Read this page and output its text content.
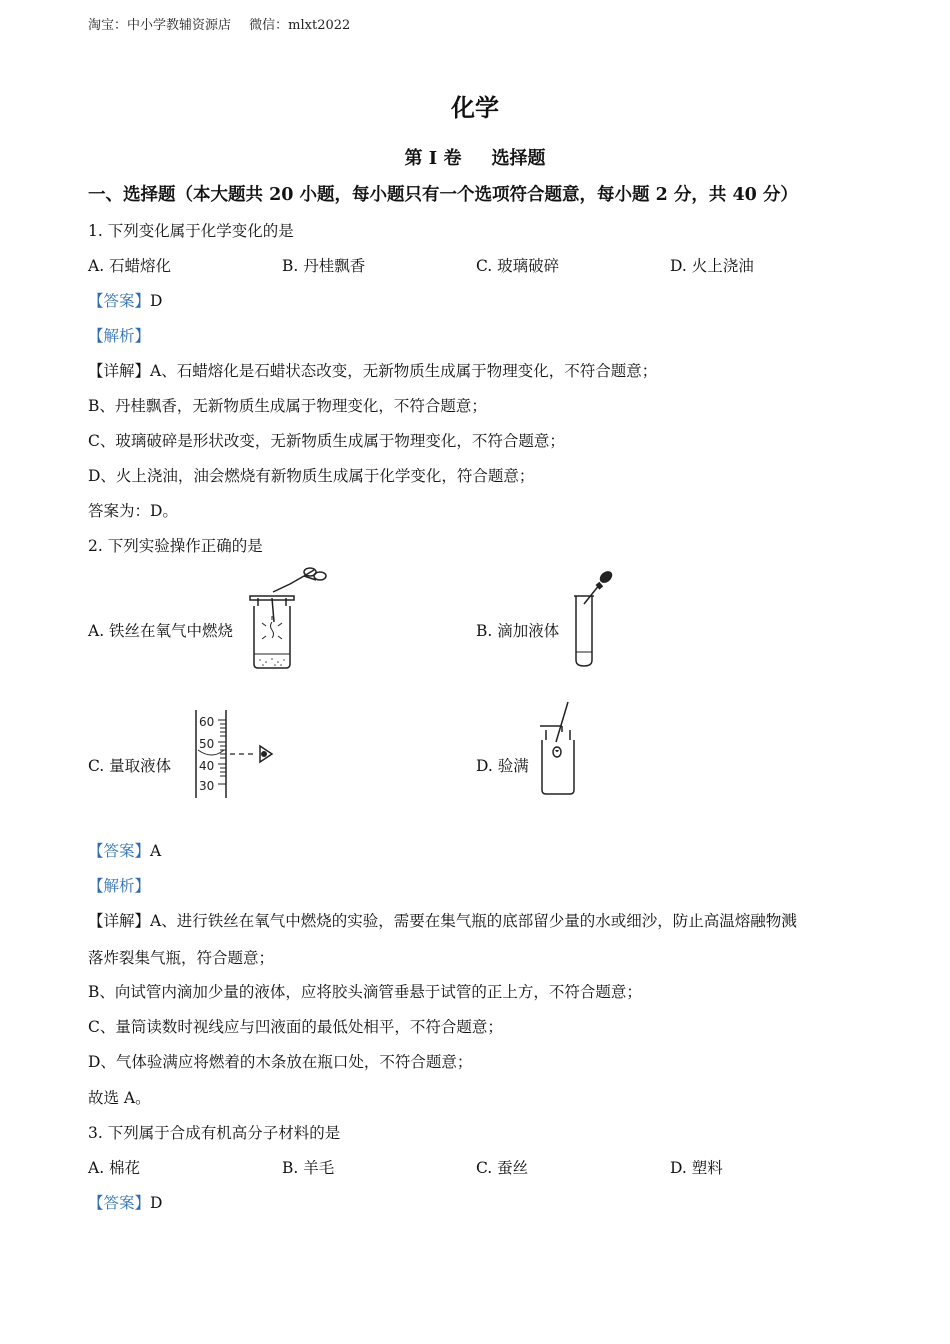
淘宝：中小学教辅资源店 微信：mlxt2022
化学
第 I 卷 选择题
一、选择题（本大题共 20 小题，每小题只有一个选项符合题意，每小题 2 分，共 40 分）
1. 下列变化属于化学变化的是
A. 石蜡熔化	B. 丹桂飘香	C. 玻璃破碎	D. 火上浇油
【答案】D
【解析】
【详解】A、石蜡熔化是石蜡状态改变，无新物质生成属于物理变化，不符合题意；
B、丹桂飘香，无新物质生成属于物理变化，不符合题意；
C、玻璃破碎是形状改变，无新物质生成属于物理变化，不符合题意；
D、火上浇油，油会燃烧有新物质生成属于化学变化，符合题意；
答案为：D。
2. 下列实验操作正确的是
A. 铁丝在氧气中燃烧	B. 滴加液体
C. 量取液体	D. 验满
60
50
40
30
【答案】A
【解析】
【详解】A、进行铁丝在氧气中燃烧的实验，需要在集气瓶的底部留少量的水或细沙，防止高温熔融物溅
落炸裂集气瓶，符合题意；
B、向试管内滴加少量的液体，应将胶头滴管垂悬于试管的正上方，不符合题意；
C、量筒读数时视线应与凹液面的最低处相平，不符合题意；
D、气体验满应将燃着的木条放在瓶口处，不符合题意；
故选 A。
3. 下列属于合成有机高分子材料的是
A. 棉花	B. 羊毛	C. 蚕丝	D. 塑料
【答案】D
